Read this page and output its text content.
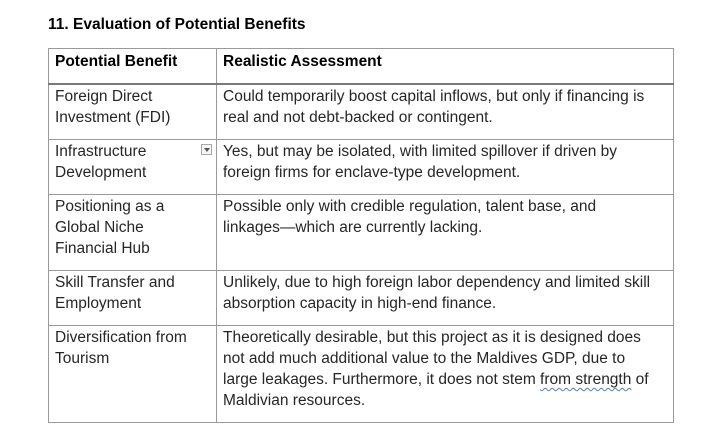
11. Evaluation of Potential Benefits
Potential Benefit	Realistic Assessment

Foreign Direct
Investment (FDI)	Could temporarily boost capital inflows, but only if financing is
real and not debt-backed or contingent.

Infrastructure
Development	Yes, but may be isolated, with limited spillover if driven by
foreign firms for enclave-type development.

Positioning as a
Global Niche
Financial Hub	Possible only with credible regulation, talent base, and
linkages—which are currently lacking.

Skill Transfer and
Employment	Unlikely, due to high foreign labor dependency and limited skill
absorption capacity in high-end finance.

Diversification from
Tourism	Theoretically desirable, but this project as it is designed does
not add much additional value to the Maldives GDP, due to
large leakages. Furthermore, it does not stem from strength of
Maldivian resources.
